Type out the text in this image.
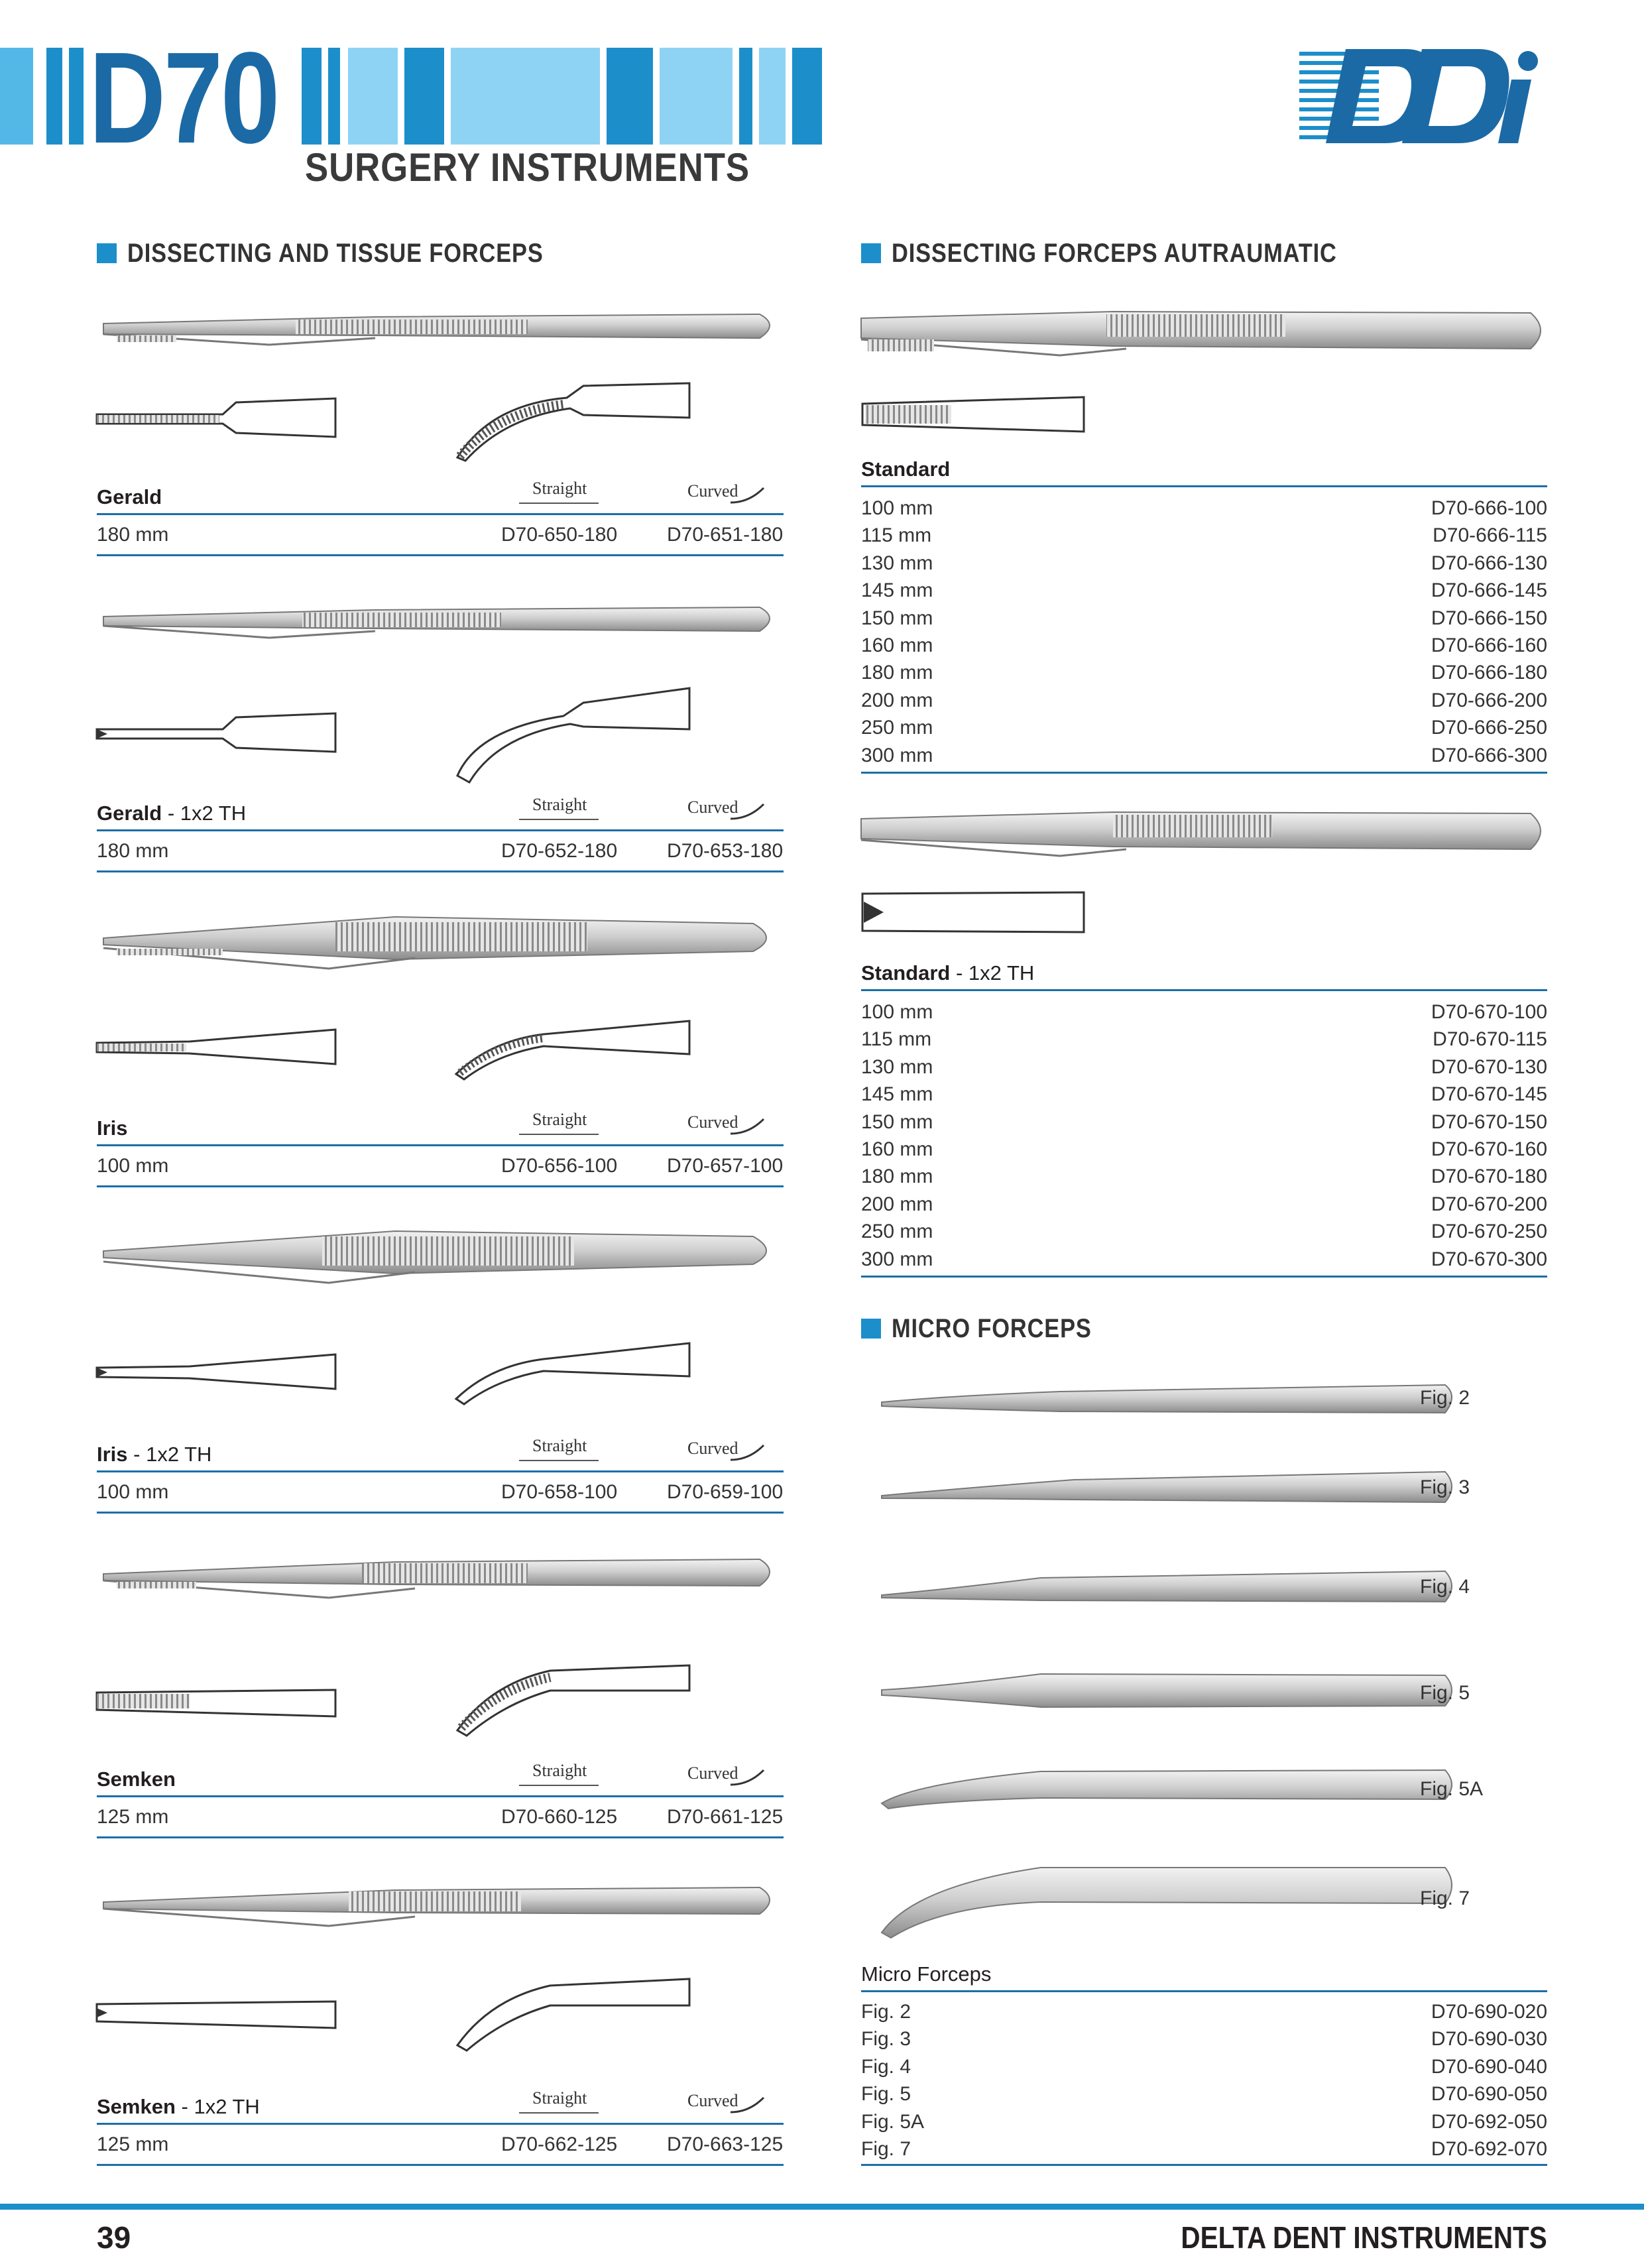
D70 SURGERY INSTRUMENTS
DISSECTING AND TISSUE FORCEPS	DISSECTING FORCEPS AUTRAUMATIC
MICRO FORCEPS
Gerald	Straight	Curved
180 mm	D70-650-180 D70-651-180
Gerald - 1x2 TH	Straight	Curved
180 mm	D70-652-180 D70-653-180
Iris	Straight	Curved
100 mm	D70-656-100 D70-657-100
Iris - 1x2 TH	Straight	Curved
100 mm	D70-658-100 D70-659-100
Semken	Straight	Curved
125 mm	D70-660-125 D70-661-125
Semken - 1x2 TH	Straight	Curved
125 mm	D70-662-125 D70-663-125
Standard
100 mm	D70-666-100
115 mm	D70-666-115
130 mm	D70-666-130
145 mm	D70-666-145
150 mm	D70-666-150
160 mm	D70-666-160
180 mm	D70-666-180
200 mm	D70-666-200
250 mm	D70-666-250
300 mm	D70-666-300
Standard - 1x2 TH
100 mm	D70-670-100
115 mm	D70-670-115
130 mm	D70-670-130
145 mm	D70-670-145
150 mm	D70-670-150
160 mm	D70-670-160
180 mm	D70-670-180
200 mm	D70-670-200
250 mm	D70-670-250
300 mm	D70-670-300
Fig. 2
Fig. 3
Fig. 4
Fig. 5
Fig. 5A
Fig. 7
Micro Forceps
Fig. 2	D70-690-020
Fig. 3	D70-690-030
Fig. 4	D70-690-040
Fig. 5	D70-690-050
Fig. 5A	D70-692-050
Fig. 7	D70-692-070
39	DELTA DENT INSTRUMENTS
